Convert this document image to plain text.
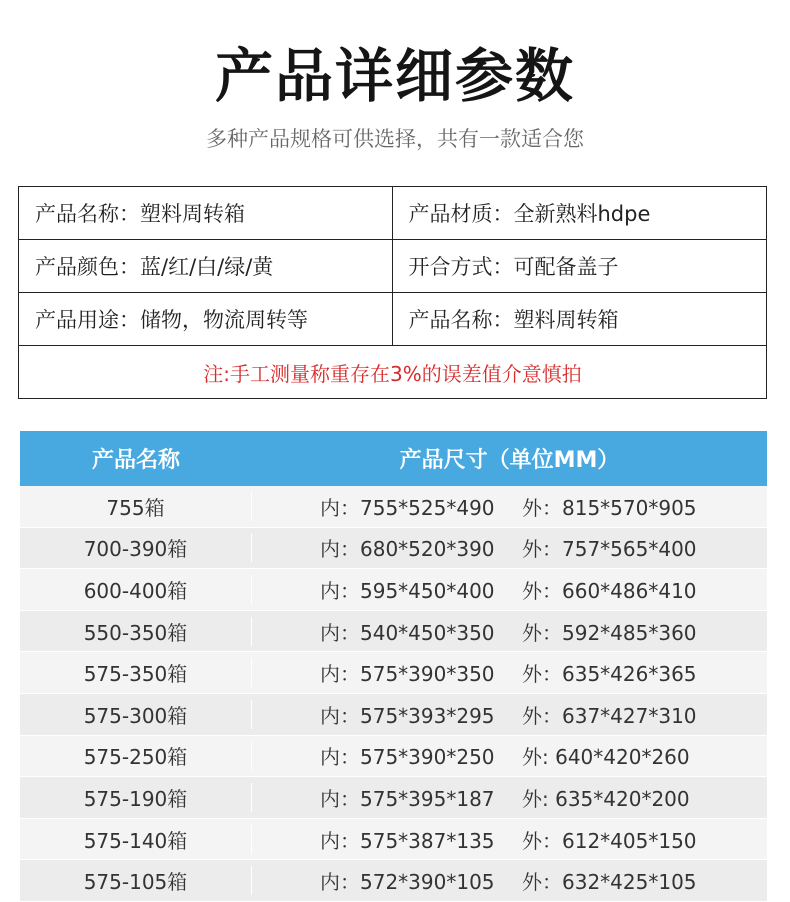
产品详细参数
多种产品规格可供选择，共有一款适合您
产品名称：塑料周转箱	产品材质：全新熟料hdpe
产品颜色：蓝/红/白/绿/黄	开合方式：可配备盖子
产品用途：储物，物流周转等	产品名称：塑料周转箱
注:手工测量称重存在3%的误差值介意慎拍
产品名称	产品尺寸（单位MM）
755箱	内：755*525*490	外：815*570*905
700-390箱	内：680*520*390	外：757*565*400
600-400箱	内：595*450*400	外：660*486*410
550-350箱	内：540*450*350	外：592*485*360
575-350箱	内：575*390*350	外：635*426*365
575-300箱	内：575*393*295	外：637*427*310
575-250箱	内：575*390*250	外: 640*420*260
575-190箱	内：575*395*187	外: 635*420*200
575-140箱	内：575*387*135	外：612*405*150
575-105箱	内：572*390*105	外：632*425*105
